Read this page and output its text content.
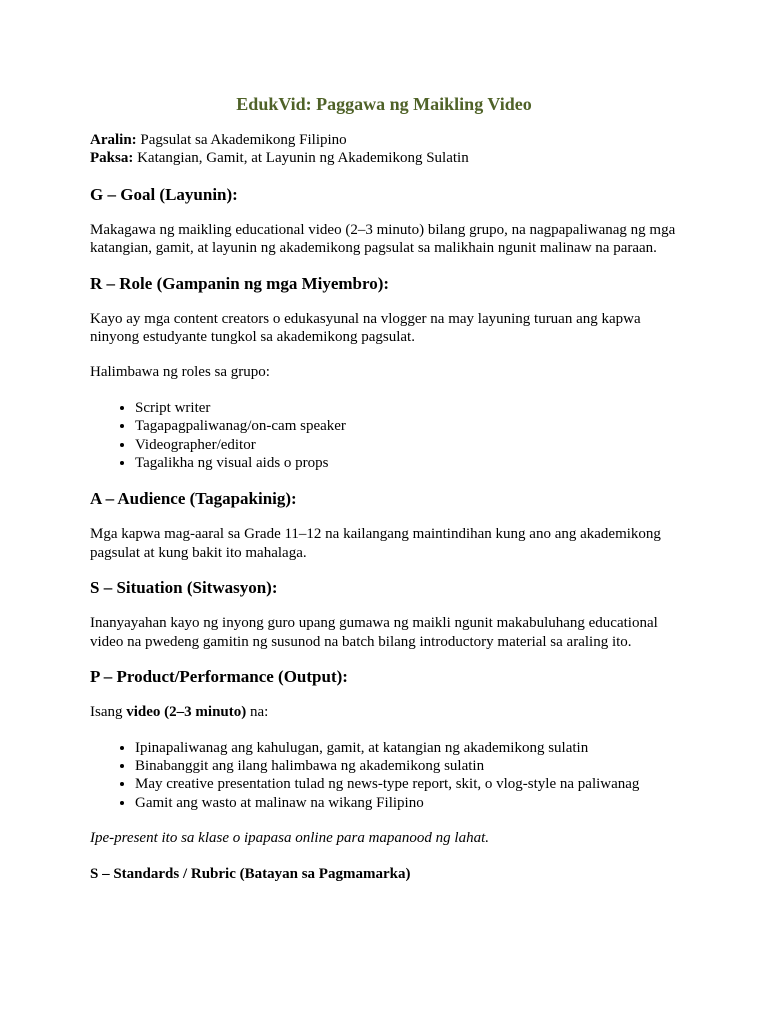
EdukVid: Paggawa ng Maikling Video

Aralin: Pagsulat sa Akademikong Filipino

Paksa: Katangian, Gamit, at Layunin ng Akademikong Sulatin

G – Goal (Layunin):

Makagawa ng maikling educational video (2–3 minuto) bilang grupo, na nagpapaliwanag ng mga katangian, gamit, at layunin ng akademikong pagsulat sa malikhain ngunit malinaw na paraan.

R – Role (Gampanin ng mga Miyembro):

Kayo ay mga content creators o edukasyunal na vlogger na may layuning turuan ang kapwa ninyong estudyante tungkol sa akademikong pagsulat.

Halimbawa ng roles sa grupo:

• Script writer
• Tagapagpaliwanag/on-cam speaker
• Videographer/editor
• Tagalikha ng visual aids o props
A – Audience (Tagapakinig):

Mga kapwa mag-aaral sa Grade 11–12 na kailangang maintindihan kung ano ang akademikong pagsulat at kung bakit ito mahalaga.

S – Situation (Sitwasyon):

Inanyayahan kayo ng inyong guro upang gumawa ng maikli ngunit makabuluhang educational video na pwedeng gamitin ng susunod na batch bilang introductory material sa araling ito.

P – Product/Performance (Output):

Isang video (2–3 minuto) na:

• Ipinapaliwanag ang kahulugan, gamit, at katangian ng akademikong sulatin
• Binabanggit ang ilang halimbawa ng akademikong sulatin
• May creative presentation tulad ng news-type report, skit, o vlog-style na paliwanag
• Gamit ang wasto at malinaw na wikang Filipino

Ipe-present ito sa klase o ipapasa online para mapanood ng lahat.

S – Standards / Rubric (Batayan sa Pagmamarka)
